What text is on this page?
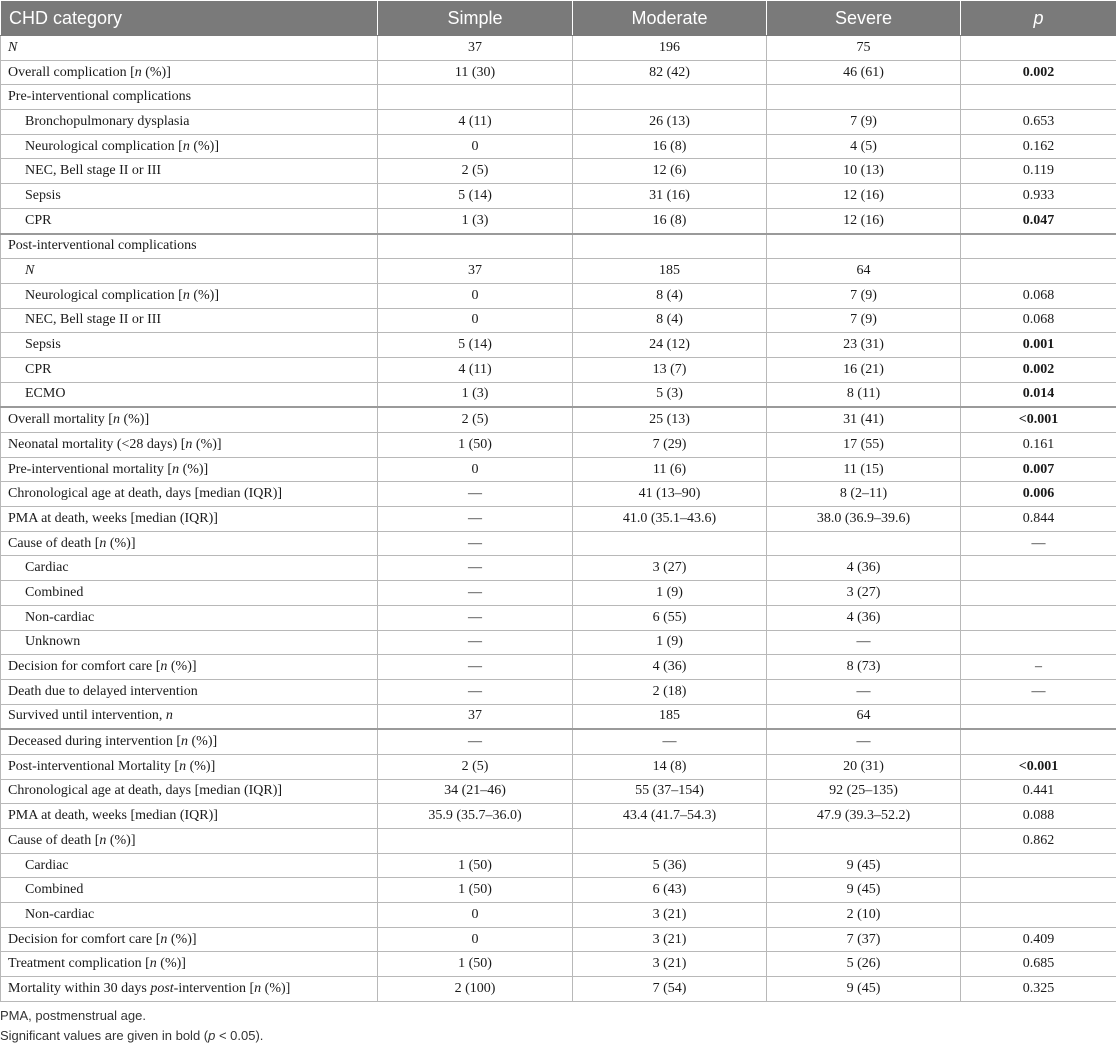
CHD category	Simple	Moderate	Severe	p
N	37	196	75	
Overall complication [n (%)]	11 (30)	82 (42)	46 (61)	0.002
Pre-interventional complications				
Bronchopulmonary dysplasia	4 (11)	26 (13)	7 (9)	0.653
Neurological complication [n (%)]	0	16 (8)	4 (5)	0.162
NEC, Bell stage II or III	2 (5)	12 (6)	10 (13)	0.119
Sepsis	5 (14)	31 (16)	12 (16)	0.933
CPR	1 (3)	16 (8)	12 (16)	0.047
Post-interventional complications				
N	37	185	64	
Neurological complication [n (%)]	0	8 (4)	7 (9)	0.068
NEC, Bell stage II or III	0	8 (4)	7 (9)	0.068
Sepsis	5 (14)	24 (12)	23 (31)	0.001
CPR	4 (11)	13 (7)	16 (21)	0.002
ECMO	1 (3)	5 (3)	8 (11)	0.014
Overall mortality [n (%)]	2 (5)	25 (13)	31 (41)	<0.001
Neonatal mortality (<28 days) [n (%)]	1 (50)	7 (29)	17 (55)	0.161
Pre-interventional mortality [n (%)]	0	11 (6)	11 (15)	0.007
Chronological age at death, days [median (IQR)]	—	41 (13–90)	8 (2–11)	0.006
PMA at death, weeks [median (IQR)]	—	41.0 (35.1–43.6)	38.0 (36.9–39.6)	0.844
Cause of death [n (%)]	—			—
Cardiac	—	3 (27)	4 (36)	
Combined	—	1 (9)	3 (27)	
Non-cardiac	—	6 (55)	4 (36)	
Unknown	—	1 (9)	—	
Decision for comfort care [n (%)]	—	4 (36)	8 (73)	–
Death due to delayed intervention	—	2 (18)	—	—
Survived until intervention, n	37	185	64	
Deceased during intervention [n (%)]	—	—	—	
Post-interventional Mortality [n (%)]	2 (5)	14 (8)	20 (31)	<0.001
Chronological age at death, days [median (IQR)]	34 (21–46)	55 (37–154)	92 (25–135)	0.441
PMA at death, weeks [median (IQR)]	35.9 (35.7–36.0)	43.4 (41.7–54.3)	47.9 (39.3–52.2)	0.088
Cause of death [n (%)]				0.862
Cardiac	1 (50)	5 (36)	9 (45)	
Combined	1 (50)	6 (43)	9 (45)	
Non-cardiac	0	3 (21)	2 (10)	
Decision for comfort care [n (%)]	0	3 (21)	7 (37)	0.409
Treatment complication [n (%)]	1 (50)	3 (21)	5 (26)	0.685
Mortality within 30 days post-intervention [n (%)]	2 (100)	7 (54)	9 (45)	0.325

PMA, postmenstrual age.

Significant values are given in bold (p < 0.05).
